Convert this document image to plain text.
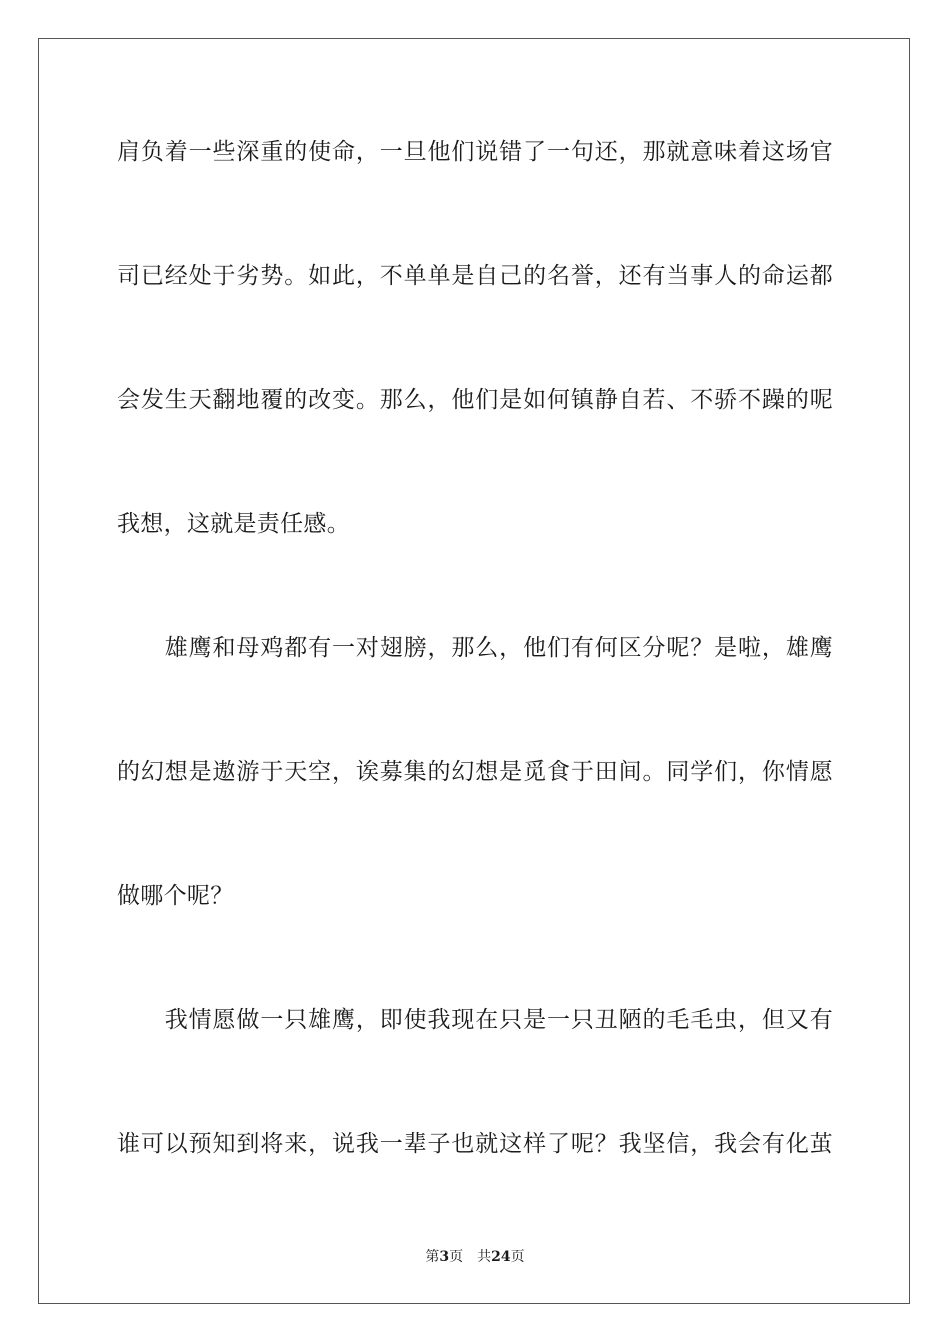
肩负着一些深重的使命，一旦他们说错了一句还，那就意味着这场官
司已经处于劣势。如此，不单单是自己的名誉，还有当事人的命运都
会发生天翻地覆的改变。那么，他们是如何镇静自若、不骄不躁的呢
我想，这就是责任感。
　　雄鹰和母鸡都有一对翅膀，那么，他们有何区分呢？是啦，雄鹰
的幻想是遨游于天空，诶募集的幻想是觅食于田间。同学们，你情愿
做哪个呢？
　　我情愿做一只雄鹰，即使我现在只是一只丑陋的毛毛虫，但又有
谁可以预知到将来，说我一辈子也就这样了呢？我坚信，我会有化茧
第3页 共24页
